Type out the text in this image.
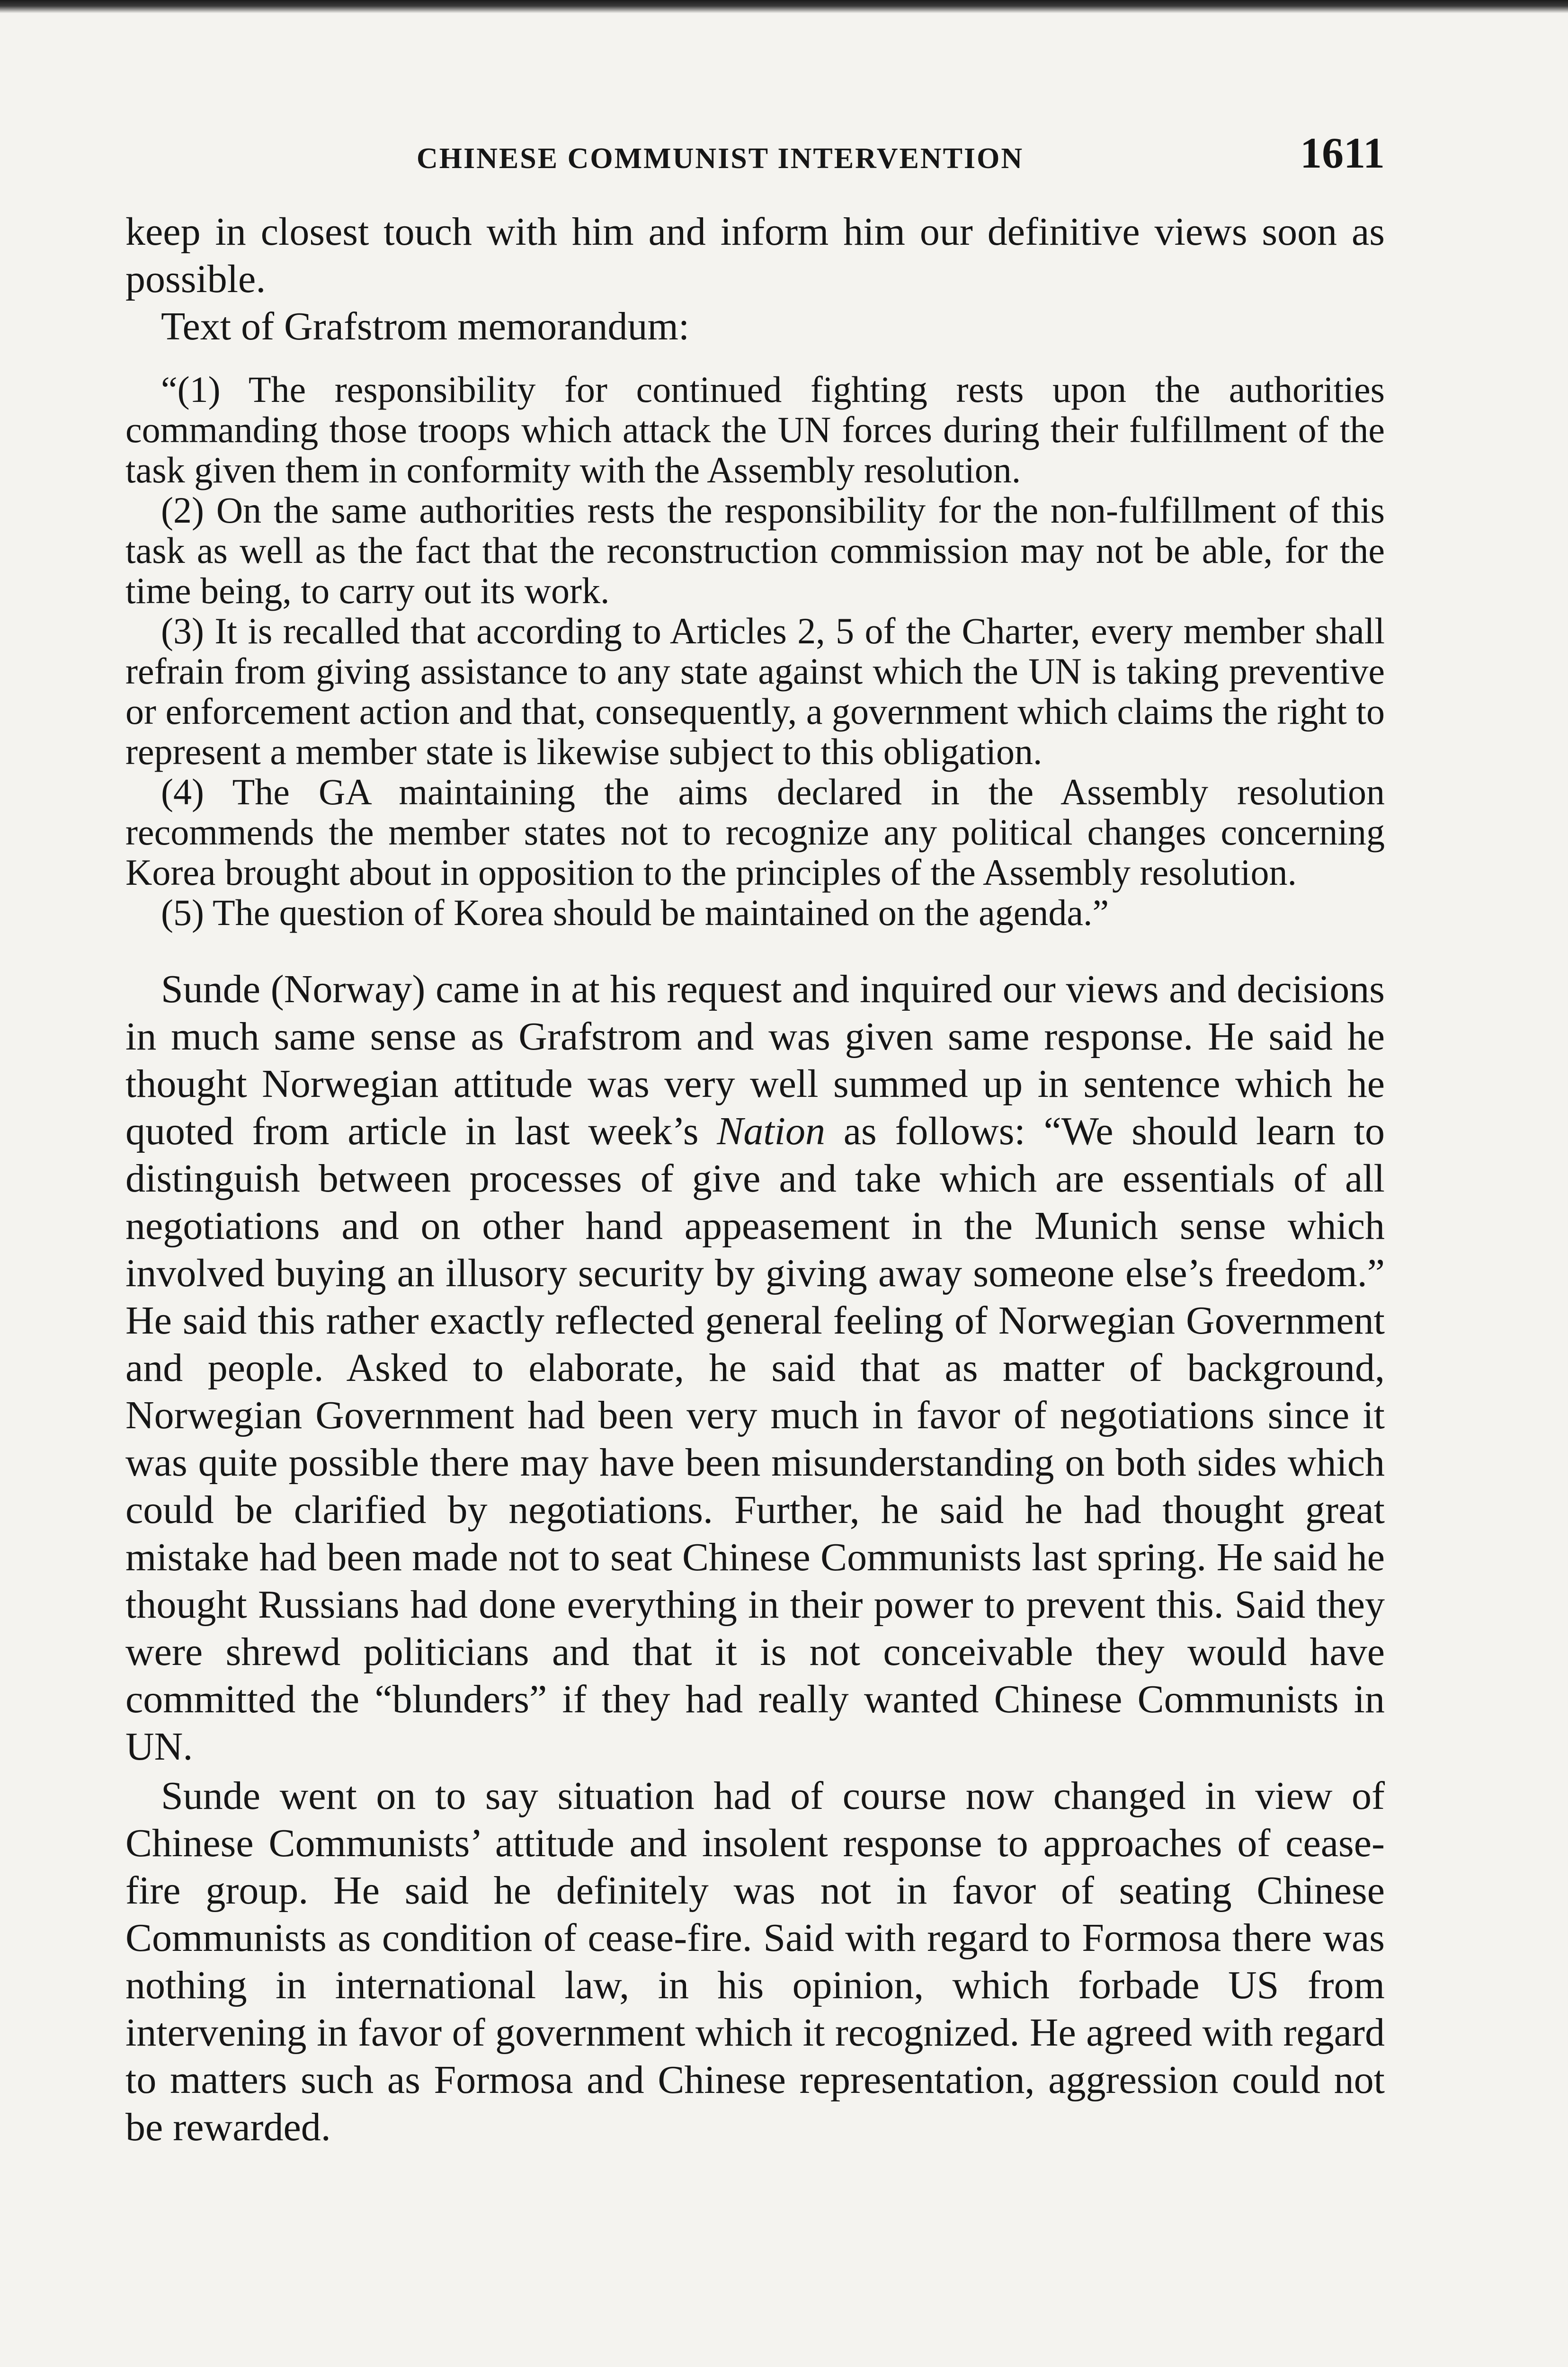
CHINESE COMMUNIST INTERVENTION	1611

keep in closest touch with him and inform him our definitive views soon as possible.

Text of Grafstrom memorandum:

“(1) The responsibility for continued fighting rests upon the authorities commanding those troops which attack the UN forces during their fulfillment of the task given them in conformity with the Assembly resolution.

(2) On the same authorities rests the responsibility for the non-fulfillment of this task as well as the fact that the reconstruction commission may not be able, for the time being, to carry out its work.

(3) It is recalled that according to Articles 2, 5 of the Charter, every member shall refrain from giving assistance to any state against which the UN is taking preventive or enforcement action and that, consequently, a government which claims the right to represent a member state is likewise subject to this obligation.

(4) The GA maintaining the aims declared in the Assembly resolution recommends the member states not to recognize any political changes concerning Korea brought about in opposition to the principles of the Assembly resolution.

(5) The question of Korea should be maintained on the agenda.”

Sunde (Norway) came in at his request and inquired our views and decisions in much same sense as Grafstrom and was given same response. He said he thought Norwegian attitude was very well summed up in sentence which he quoted from article in last week’s Nation as follows: “We should learn to distinguish between processes of give and take which are essentials of all negotiations and on other hand appeasement in the Munich sense which involved buying an illusory security by giving away someone else’s freedom.” He said this rather exactly reflected general feeling of Norwegian Government and people. Asked to elaborate, he said that as matter of background, Norwegian Government had been very much in favor of negotiations since it was quite possible there may have been misunderstanding on both sides which could be clarified by negotiations. Further, he said he had thought great mistake had been made not to seat Chinese Communists last spring. He said he thought Russians had done everything in their power to prevent this. Said they were shrewd politicians and that it is not conceivable they would have committed the “blunders” if they had really wanted Chinese Communists in UN.

Sunde went on to say situation had of course now changed in view of Chinese Communists’ attitude and insolent response to approaches of cease-fire group. He said he definitely was not in favor of seating Chinese Communists as condition of cease-fire. Said with regard to Formosa there was nothing in international law, in his opinion, which forbade US from intervening in favor of government which it recognized. He agreed with regard to matters such as Formosa and Chinese representation, aggression could not be rewarded.
